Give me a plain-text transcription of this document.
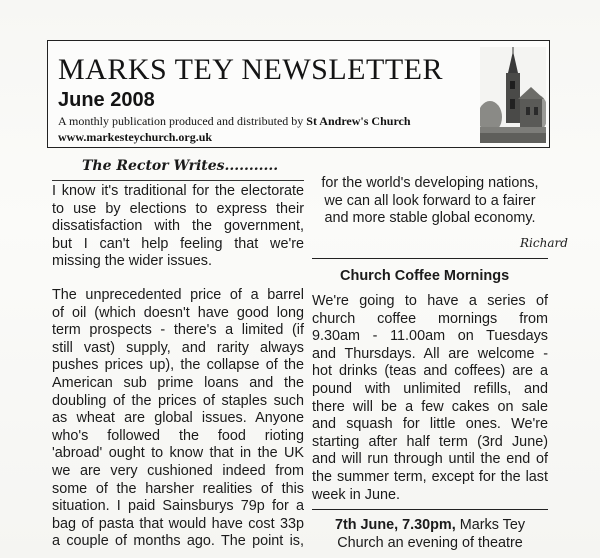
MARKS TEY NEWSLETTER
June 2008
A monthly publication produced and distributed by St Andrew's Church
www.markesteychurch.org.uk
The Rector Writes...........
I know it's traditional for the electorate
to use by elections to express their
dissatisfaction with the government,
but I can't help feeling that we're
missing the wider issues.
The unprecedented price of a barrel
of oil (which doesn't have good long
term prospects - there's a limited (if
still vast) supply, and rarity always
pushes prices up), the collapse of the
American sub prime loans and the
doubling of the prices of staples such
as wheat are global issues. Anyone
who's followed the food rioting
'abroad' ought to know that in the UK
we are very cushioned indeed from
some of the harsher realities of this
situation. I paid Sainsburys 79p for a
bag of pasta that would have cost 33p
a couple of months ago. The point is,
for the world's developing nations,
we can all look forward to a fairer
and more stable global economy.
Richard
Church Coffee Mornings
We're going to have a series of
church coffee mornings from
9.30am - 11.00am on Tuesdays
and Thursdays. All are welcome -
hot drinks (teas and coffees) are a
pound with unlimited refills, and
there will be a few cakes on sale
and squash for little ones. We're
starting after half term (3rd June)
and will run through until the end of
the summer term, except for the last
week in June.
7th June, 7.30pm, Marks Tey
Church an evening of theatre
